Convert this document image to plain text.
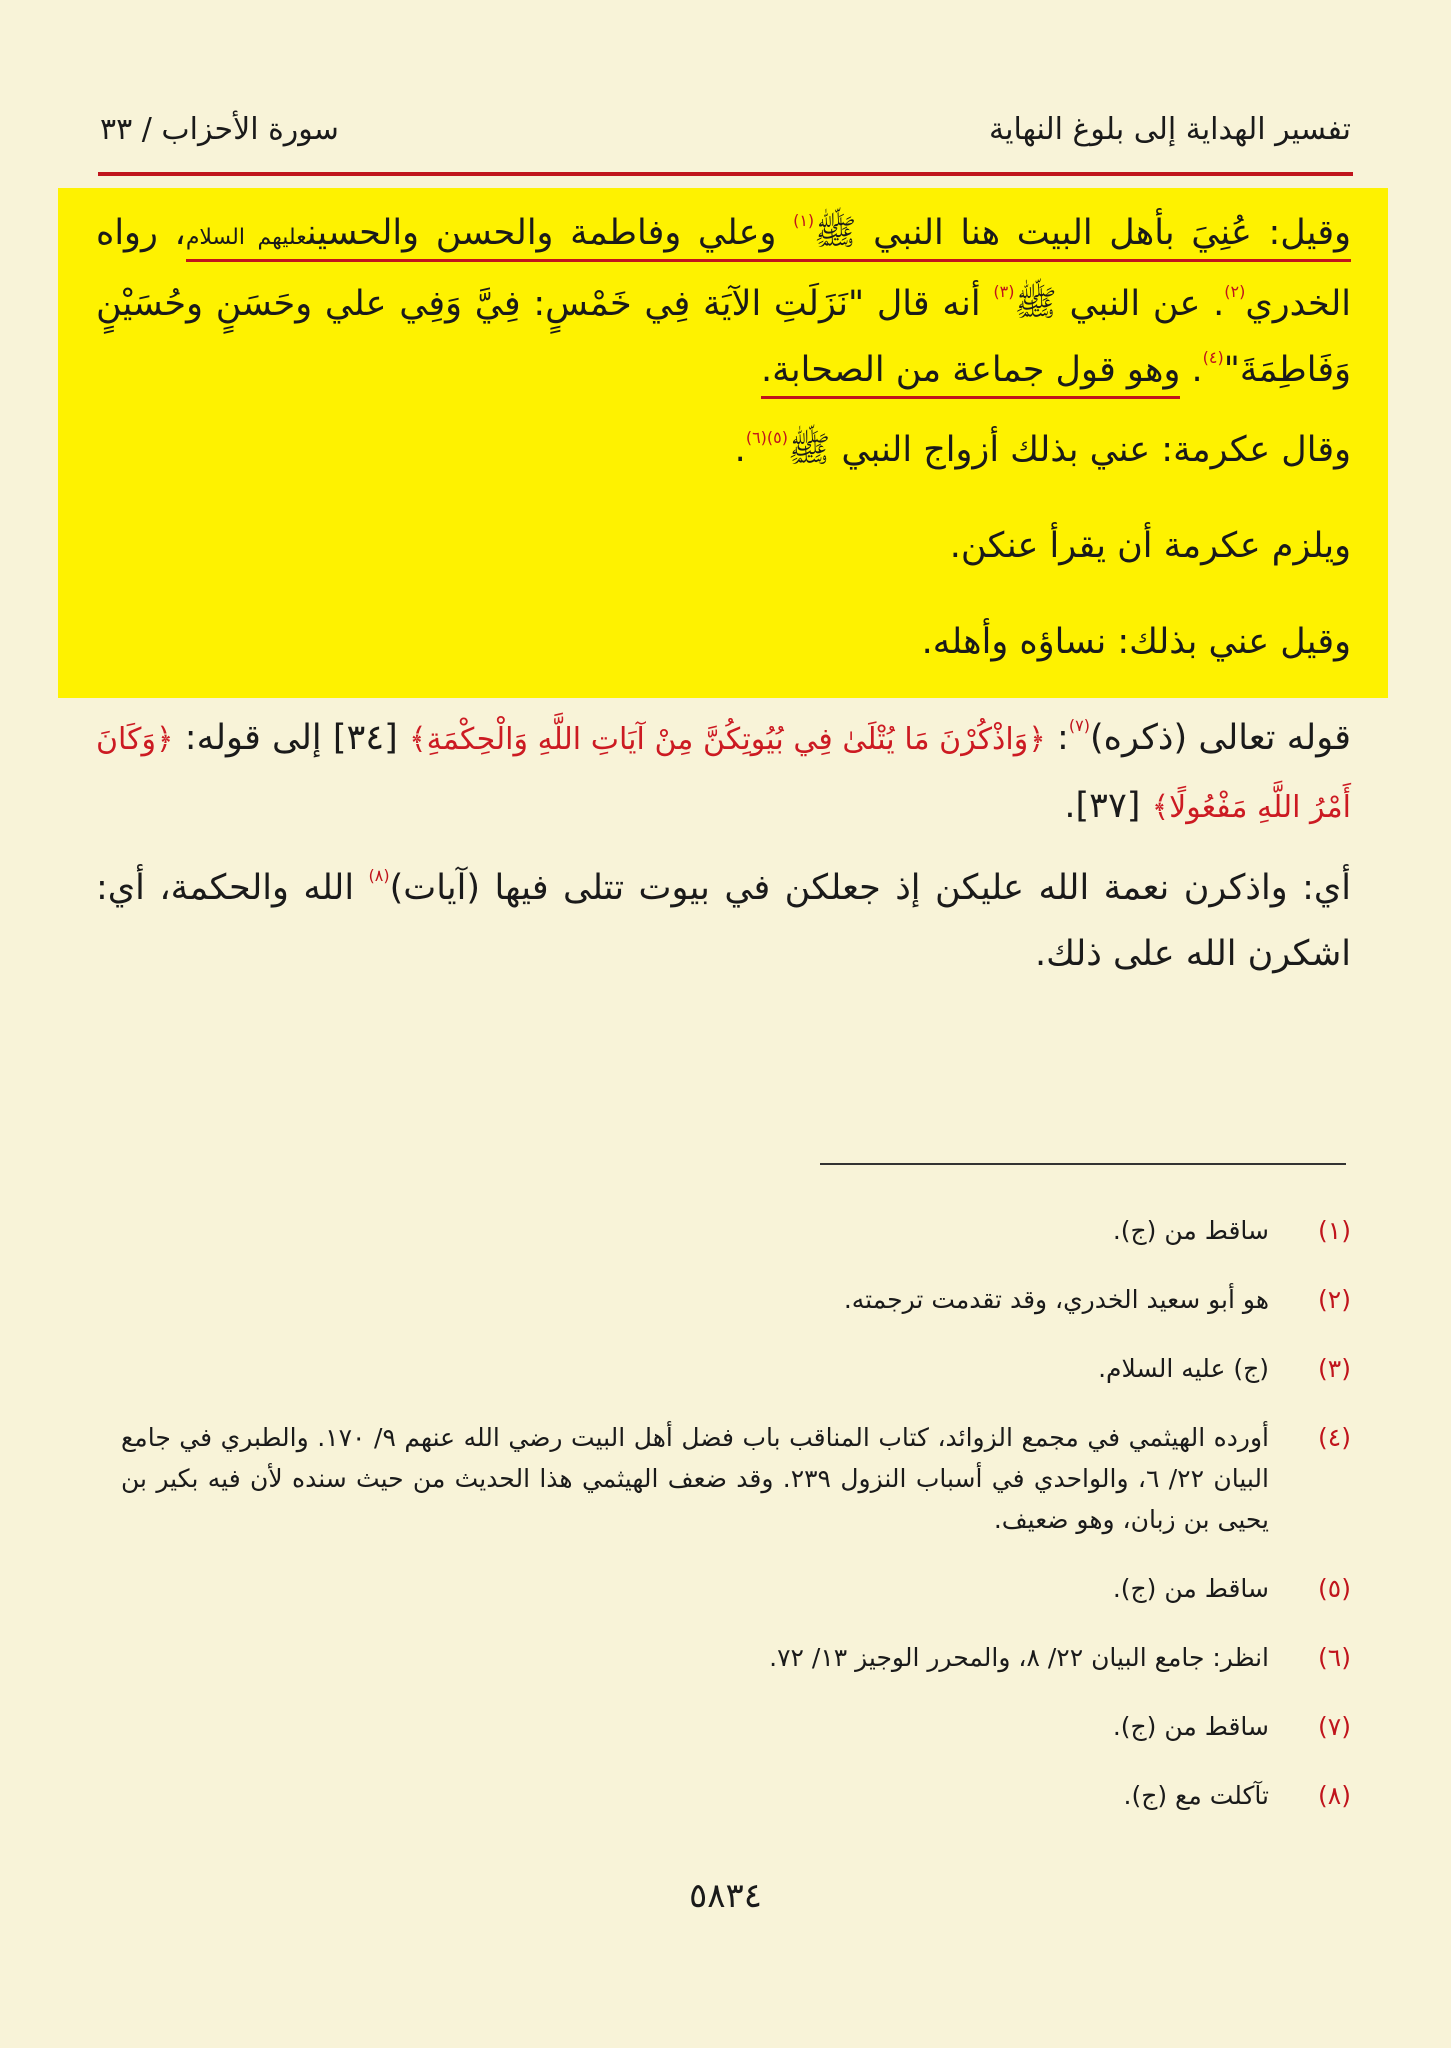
تفسير الهداية إلى بلوغ النهاية
سورة الأحزاب / ٣٣

وقيل: عُنِيَ بأهل البيت هنا النبي ﷺ$^{(١)}$ وعلي وفاطمة والحسن والحسينعليهم السلام، رواه الخدري$^{(٢)}$. عن النبي ﷺ$^{(٣)}$ أنه قال "نَزَلَتِ الآيَة فِي خَمْسٍ: فِيَّ وَفِي علي وحَسَنٍ وحُسَيْنٍ وَفَاطِمَةَ"$^{(٤)}$. وهو قول جماعة من الصحابة.

وقال عكرمة: عني بذلك أزواج النبي ﷺ$^{(٥)(٦)}$.

ويلزم عكرمة أن يقرأ عنكن.

وقيل عني بذلك: نساؤه وأهله.

قوله تعالى (ذكره)$^{(٧)}$: ﴿وَاذْكُرْنَ مَا يُتْلَىٰ فِي بُيُوتِكُنَّ مِنْ آيَاتِ اللَّهِ وَالْحِكْمَةِ﴾ [٣٤] إلى قوله: ﴿وَكَانَ أَمْرُ اللَّهِ مَفْعُولًا﴾ [٣٧].

أي: واذكرن نعمة الله عليكن إذ جعلكن في بيوت تتلى فيها (آيات)$^{(٨)}$ الله والحكمة، أي: اشكرن الله على ذلك.

(١)
ساقط من (ج).
(٢)
هو أبو سعيد الخدري، وقد تقدمت ترجمته.
(٣)
(ج) عليه السلام.
(٤)
أورده الهيثمي في مجمع الزوائد، كتاب المناقب باب فضل أهل البيت رضي الله عنهم ٩/ ١٧٠. والطبري في جامع البيان ٢٢/ ٦، والواحدي في أسباب النزول ٢٣٩. وقد ضعف الهيثمي هذا الحديث من حيث سنده لأن فيه بكير بن يحيى بن زبان، وهو ضعيف.
(٥)
ساقط من (ج).
(٦)
انظر: جامع البيان ٢٢/ ٨، والمحرر الوجيز ١٣/ ٧٢.
(٧)
ساقط من (ج).
(٨)
تآكلت مع (ج).
٥٨٣٤
